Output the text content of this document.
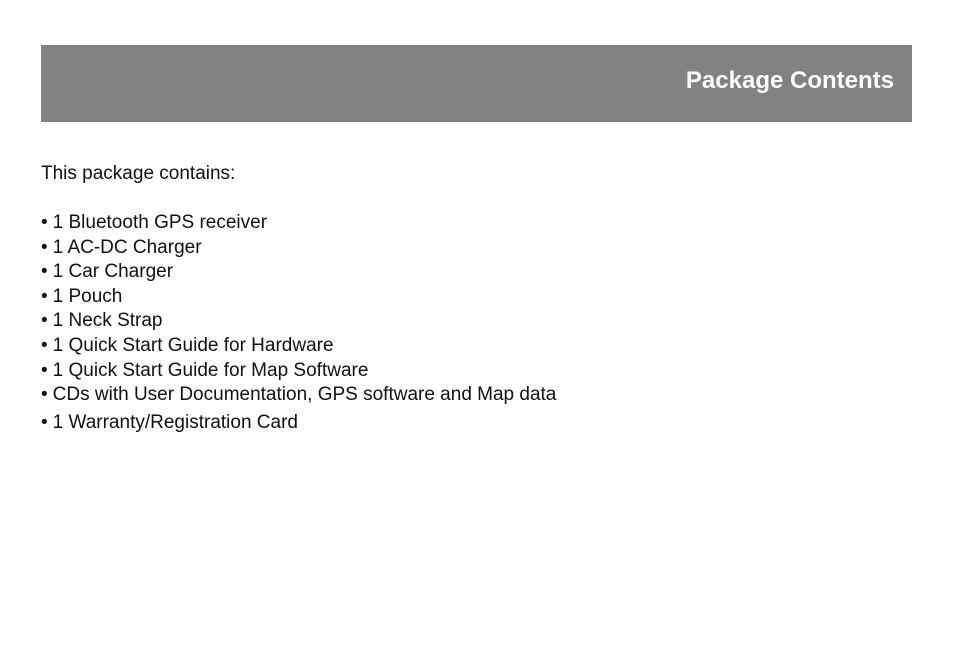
Package Contents

This package contains:

• 1 Bluetooth GPS receiver
• 1 AC-DC Charger
• 1 Car Charger
• 1 Pouch
• 1 Neck Strap
• 1 Quick Start Guide for Hardware
• 1 Quick Start Guide for Map Software
• CDs with User Documentation, GPS software and Map data
• 1 Warranty/Registration Card
